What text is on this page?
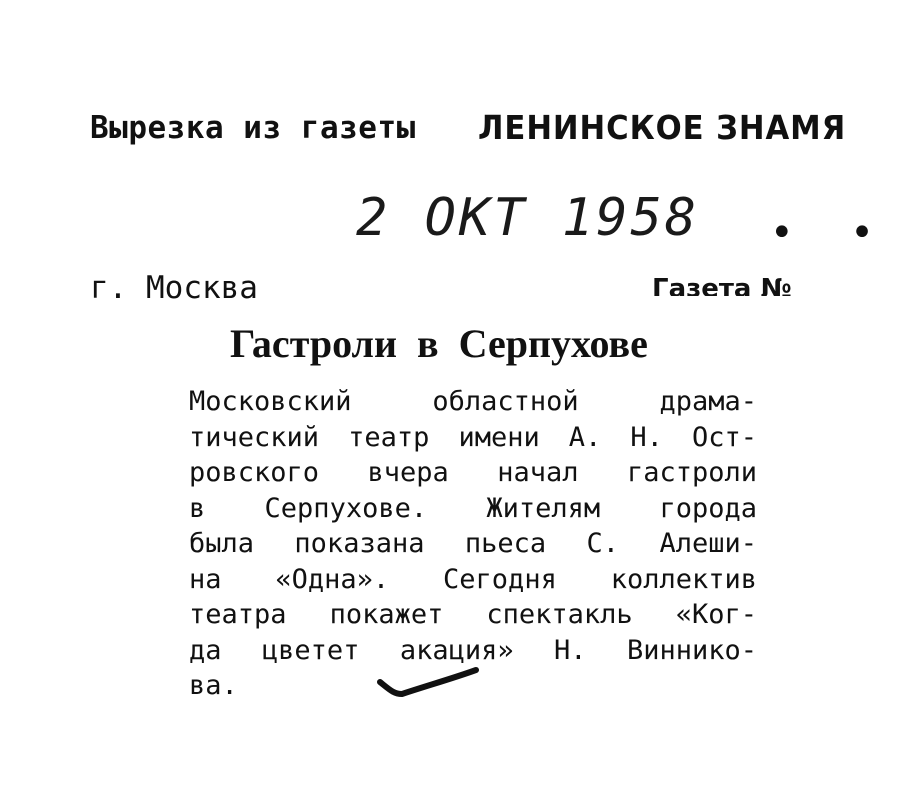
Вырезка из газеты ЛЕНИНСКОЕ ЗНАМЯ
2 ОКТ 1958 • •
г. Москва	Газета №
Гастроли в Серпухове
Московский областной драма-
тический театр имени А. Н. Ост-
ровского вчера начал гастроли
в Серпухове. Жителям города
была показана пьеса С. Алеши-
на «Одна». Сегодня коллектив
театра покажет спектакль «Ког-
да цветет акация» Н. Виннико-
ва.
